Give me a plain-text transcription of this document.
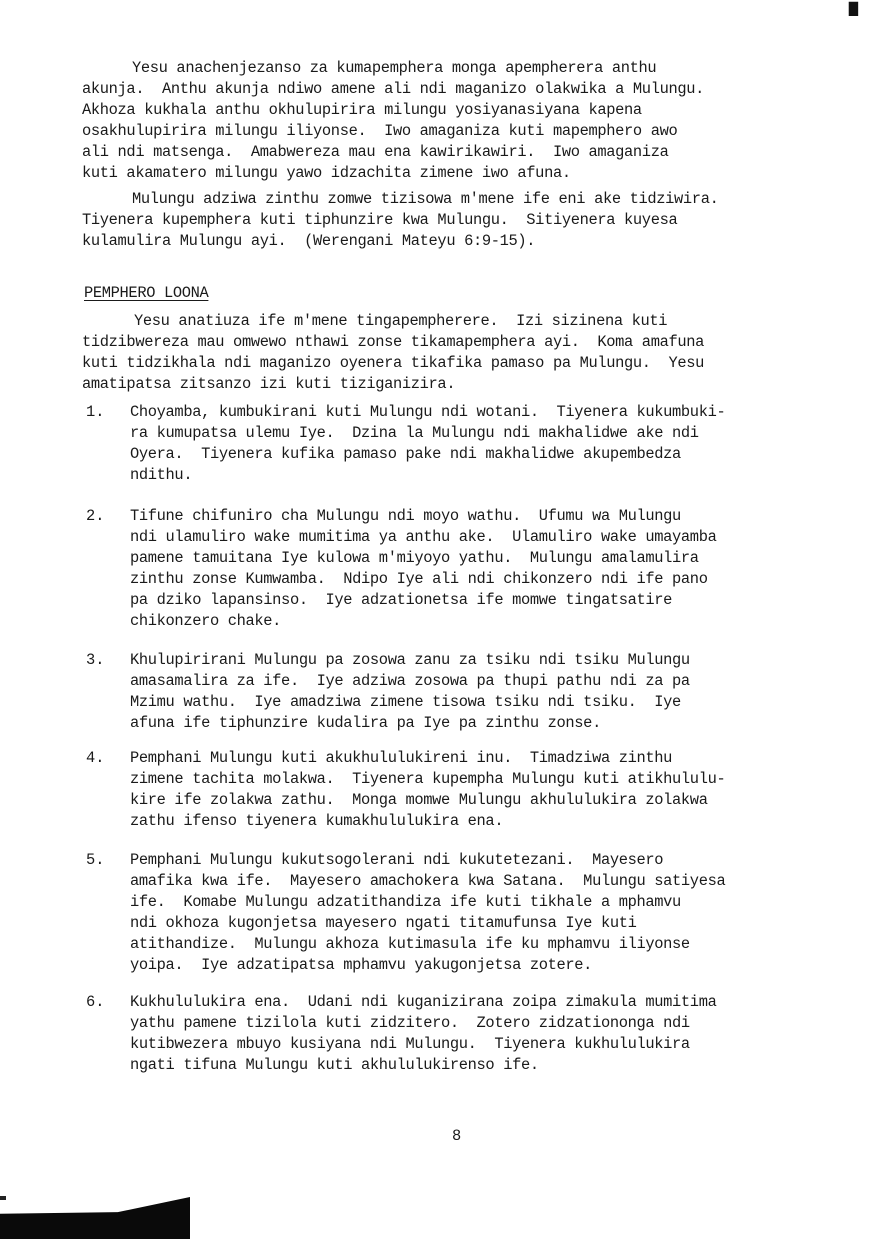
█
Yesu anachenjezanso za kumapemphera monga apempherera anthu
akunja.  Anthu akunja ndiwo amene ali ndi maganizo olakwika a Mulungu.
Akhoza kukhala anthu okhulupirira milungu yosiyanasiyana kapena
osakhulupirira milungu iliyonse.  Iwo amaganiza kuti mapemphero awo
ali ndi matsenga.  Amabwereza mau ena kawirikawiri.  Iwo amaganiza
kuti akamatero milungu yawo idzachita zimene iwo afuna.
Mulungu adziwa zinthu zomwe tizisowa m'mene ife eni ake tidziwira.
Tiyenera kupemphera kuti tiphunzire kwa Mulungu.  Sitiyenera kuyesa
kulamulira Mulungu ayi.  (Werengani Mateyu 6:9-15).
PEMPHERO LOONA
Yesu anatiuza ife m'mene tingapempherere.  Izi sizinena kuti
tidzibwereza mau omwewo nthawi zonse tikamapemphera ayi.  Koma amafuna
kuti tidzikhala ndi maganizo oyenera tikafika pamaso pa Mulungu.  Yesu
amatipatsa zitsanzo izi kuti tiziganizira.
1. Choyamba, kumbukirani kuti Mulungu ndi wotani.  Tiyenera kukumbuki-
ra kumupatsa ulemu Iye.  Dzina la Mulungu ndi makhalidwe ake ndi
Oyera.  Tiyenera kufika pamaso pake ndi makhalidwe akupembedza
ndithu.
2. Tifune chifuniro cha Mulungu ndi moyo wathu.  Ufumu wa Mulungu
ndi ulamuliro wake mumitima ya anthu ake.  Ulamuliro wake umayamba
pamene tamuitana Iye kulowa m'miyoyo yathu.  Mulungu amalamulira
zinthu zonse Kumwamba.  Ndipo Iye ali ndi chikonzero ndi ife pano
pa dziko lapansinso.  Iye adzationetsa ife momwe tingatsatire
chikonzero chake.
3. Khulupirirani Mulungu pa zosowa zanu za tsiku ndi tsiku Mulungu
amasamalira za ife.  Iye adziwa zosowa pa thupi pathu ndi za pa
Mzimu wathu.  Iye amadziwa zimene tisowa tsiku ndi tsiku.  Iye
afuna ife tiphunzire kudalira pa Iye pa zinthu zonse.
4. Pemphani Mulungu kuti akukhululukireni inu.  Timadziwa zinthu
zimene tachita molakwa.  Tiyenera kupempha Mulungu kuti atikhululu-
kire ife zolakwa zathu.  Monga momwe Mulungu akhululukira zolakwa
zathu ifenso tiyenera kumakhululukira ena.
5. Pemphani Mulungu kukutsogolerani ndi kukutetezani.  Mayesero
amafika kwa ife.  Mayesero amachokera kwa Satana.  Mulungu satiyesa
ife.  Komabe Mulungu adzatithandiza ife kuti tikhale a mphamvu
ndi okhoza kugonjetsa mayesero ngati titamufunsa Iye kuti
atithandize.  Mulungu akhoza kutimasula ife ku mphamvu iliyonse
yoipa.  Iye adzatipatsa mphamvu yakugonjetsa zotere.
6. Kukhululukira ena.  Udani ndi kuganizirana zoipa zimakula mumitima
yathu pamene tizilola kuti zidzitero.  Zotero zidzationonga ndi
kutibwezera mbuyo kusiyana ndi Mulungu.  Tiyenera kukhululukira
ngati tifuna Mulungu kuti akhululukirenso ife.
8
